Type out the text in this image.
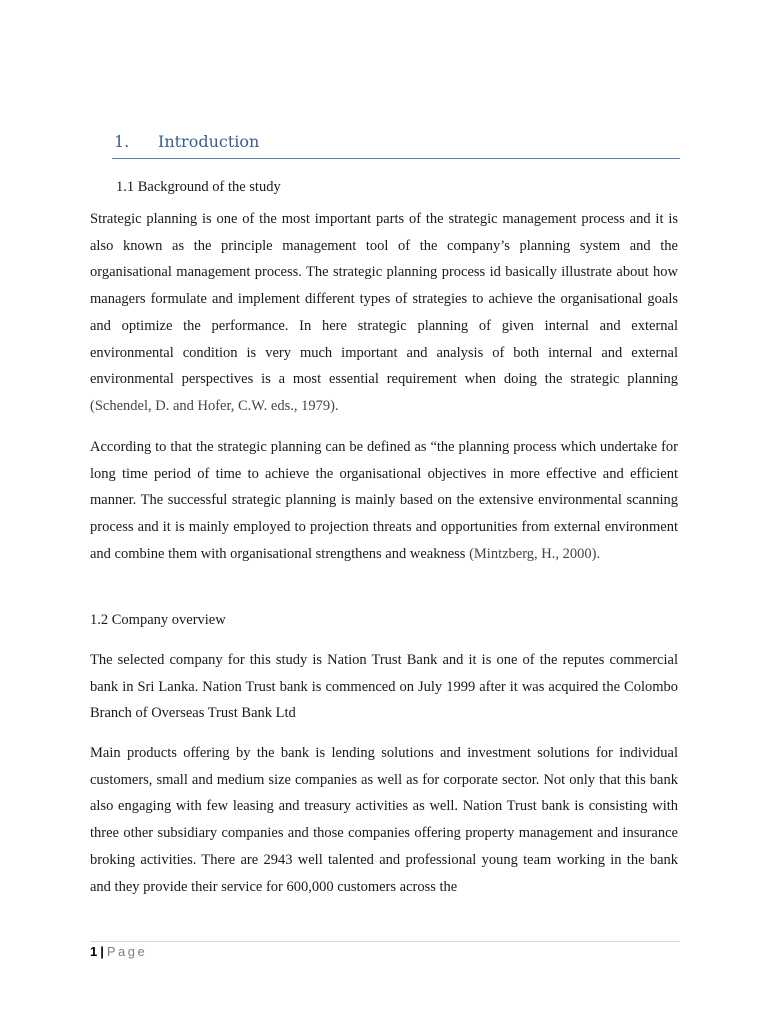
1. Introduction
1.1 Background of the study
Strategic planning is one of the most important parts of the strategic management process and it is also known as the principle management tool of the company’s planning system and the organisational management process. The strategic planning process id basically illustrate about how managers formulate and implement different types of strategies to achieve the organisational goals and optimize the performance. In here strategic planning of given internal and external environmental condition is very much important and analysis of both internal and external environmental perspectives is a most essential requirement when doing the strategic planning (Schendel, D. and Hofer, C.W. eds., 1979).
According to that the strategic planning can be defined as “the planning process which undertake for long time period of time to achieve the organisational objectives in more effective and efficient manner. The successful strategic planning is mainly based on the extensive environmental scanning process and it is mainly employed to projection threats and opportunities from external environment and combine them with organisational strengthens and weakness (Mintzberg, H., 2000).
1.2 Company overview
The selected company for this study is Nation Trust Bank and it is one of the reputes commercial bank in Sri Lanka. Nation Trust bank is commenced on July 1999 after it was acquired the Colombo Branch of Overseas Trust Bank Ltd
Main products offering by the bank is lending solutions and investment solutions for individual customers, small and medium size companies as well as for corporate sector. Not only that this bank also engaging with few leasing and treasury activities as well. Nation Trust bank is consisting with three other subsidiary companies and those companies offering property management and insurance broking activities. There are 2943 well talented and professional young team working in the bank and they provide their service for 600,000 customers across the
1 | Page
